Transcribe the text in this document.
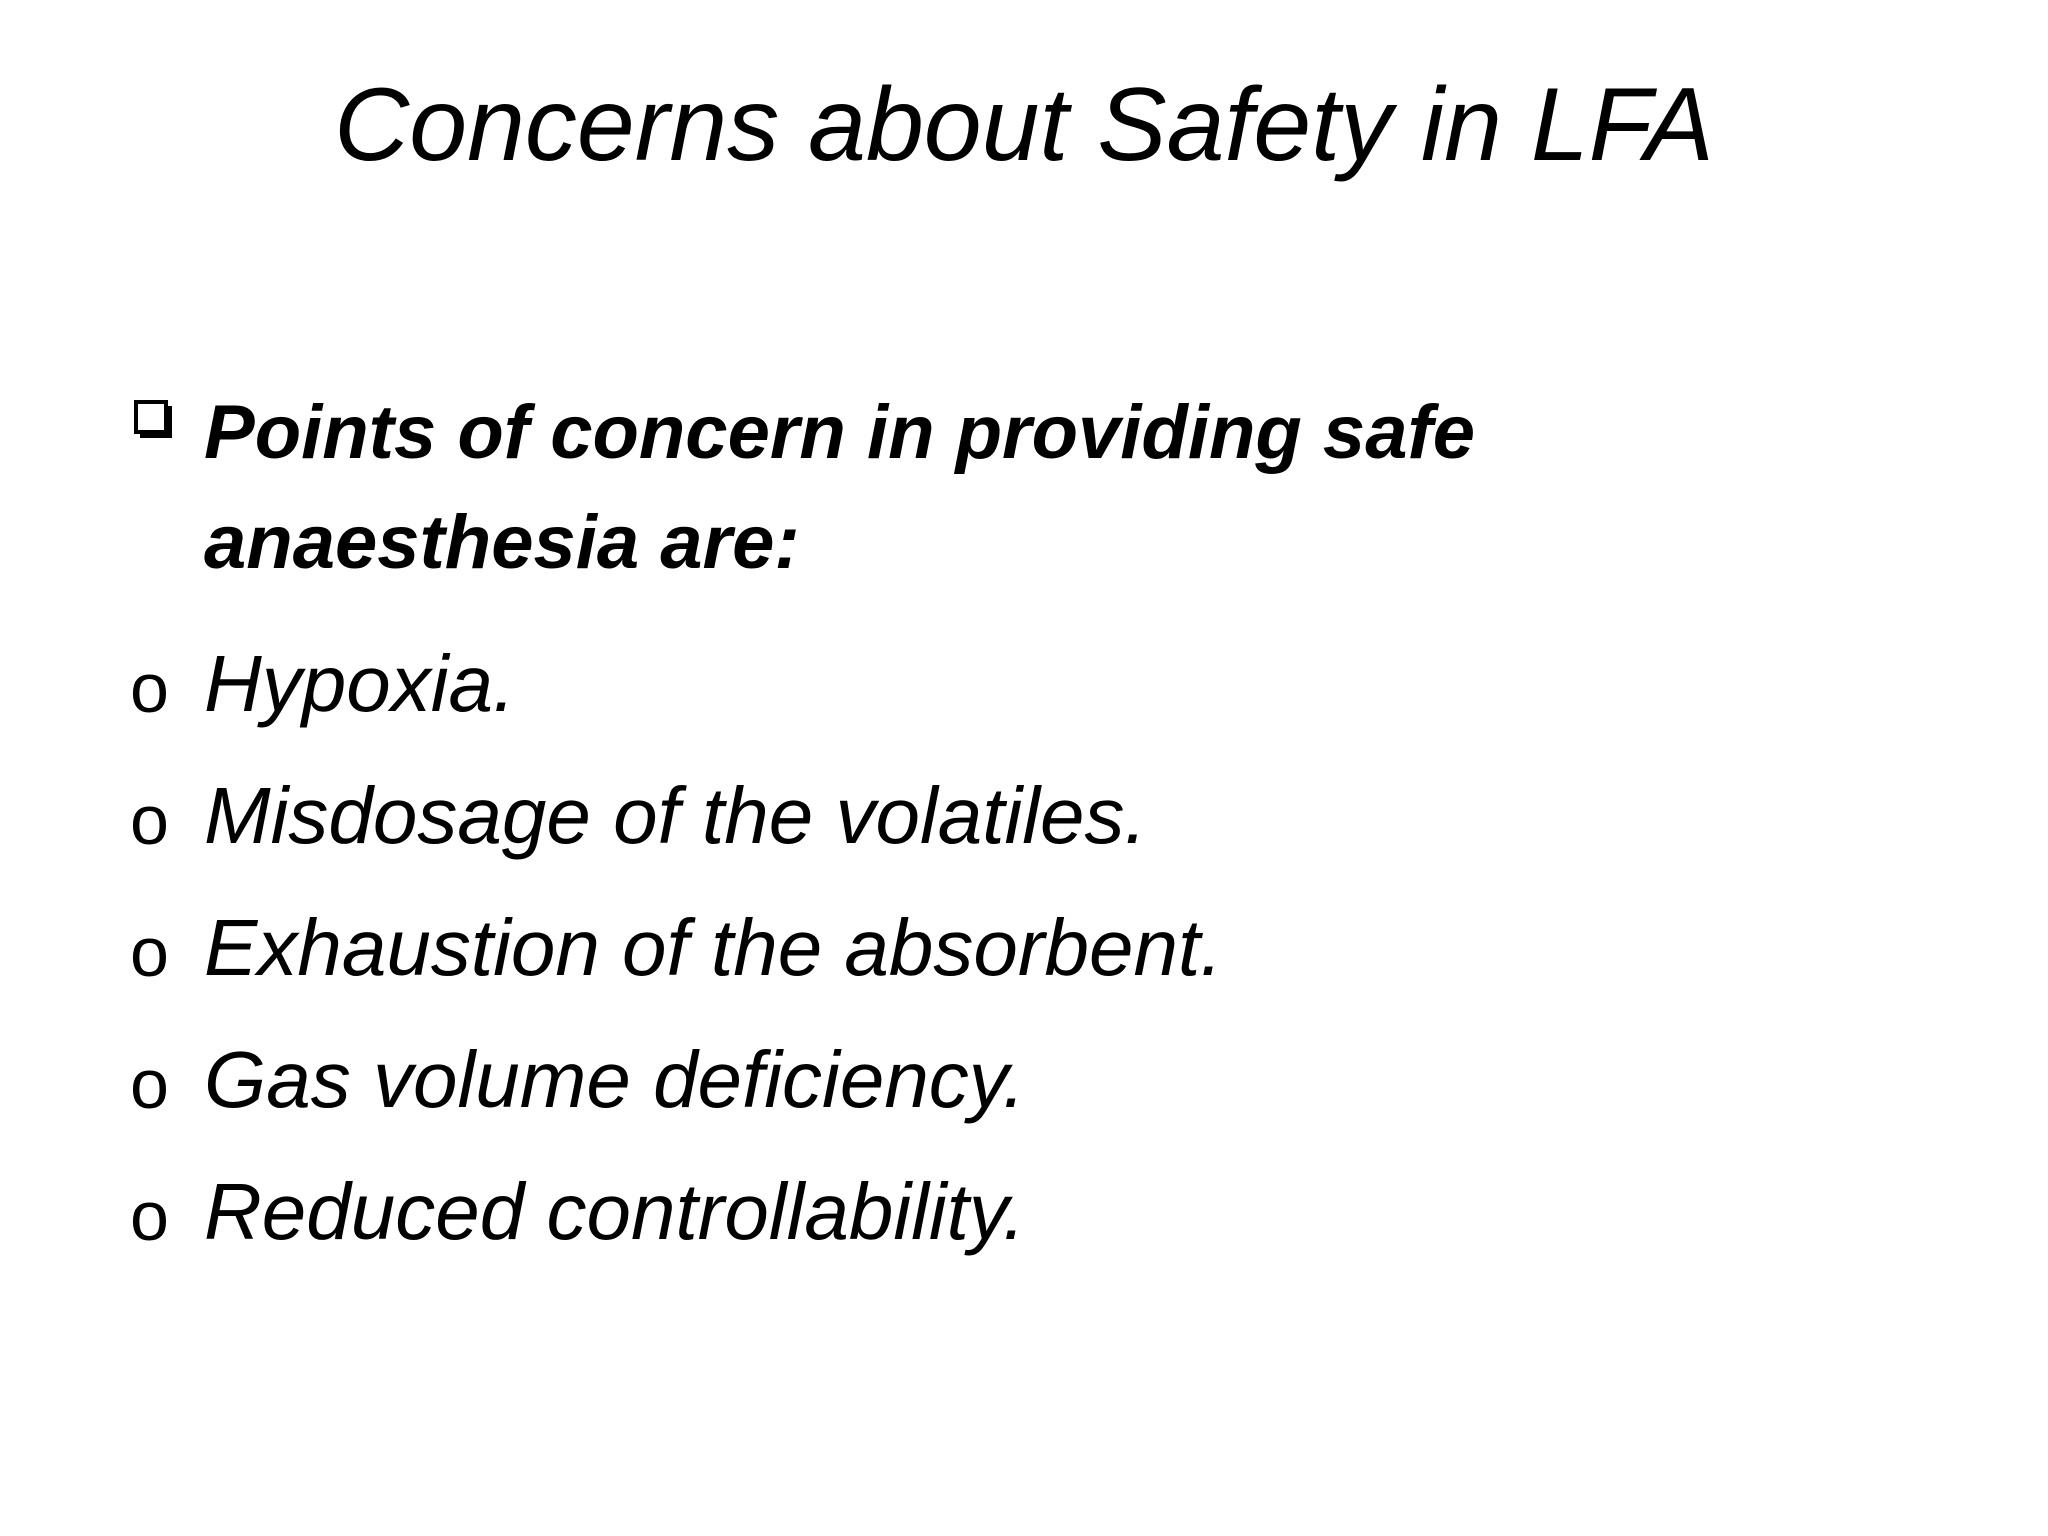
Concerns about Safety in LFA

Points of concern in providing safe anaesthesia are:

o Hypoxia.
o Misdosage of the volatiles.
o Exhaustion of the absorbent.
o Gas volume deficiency.
o Reduced controllability.
